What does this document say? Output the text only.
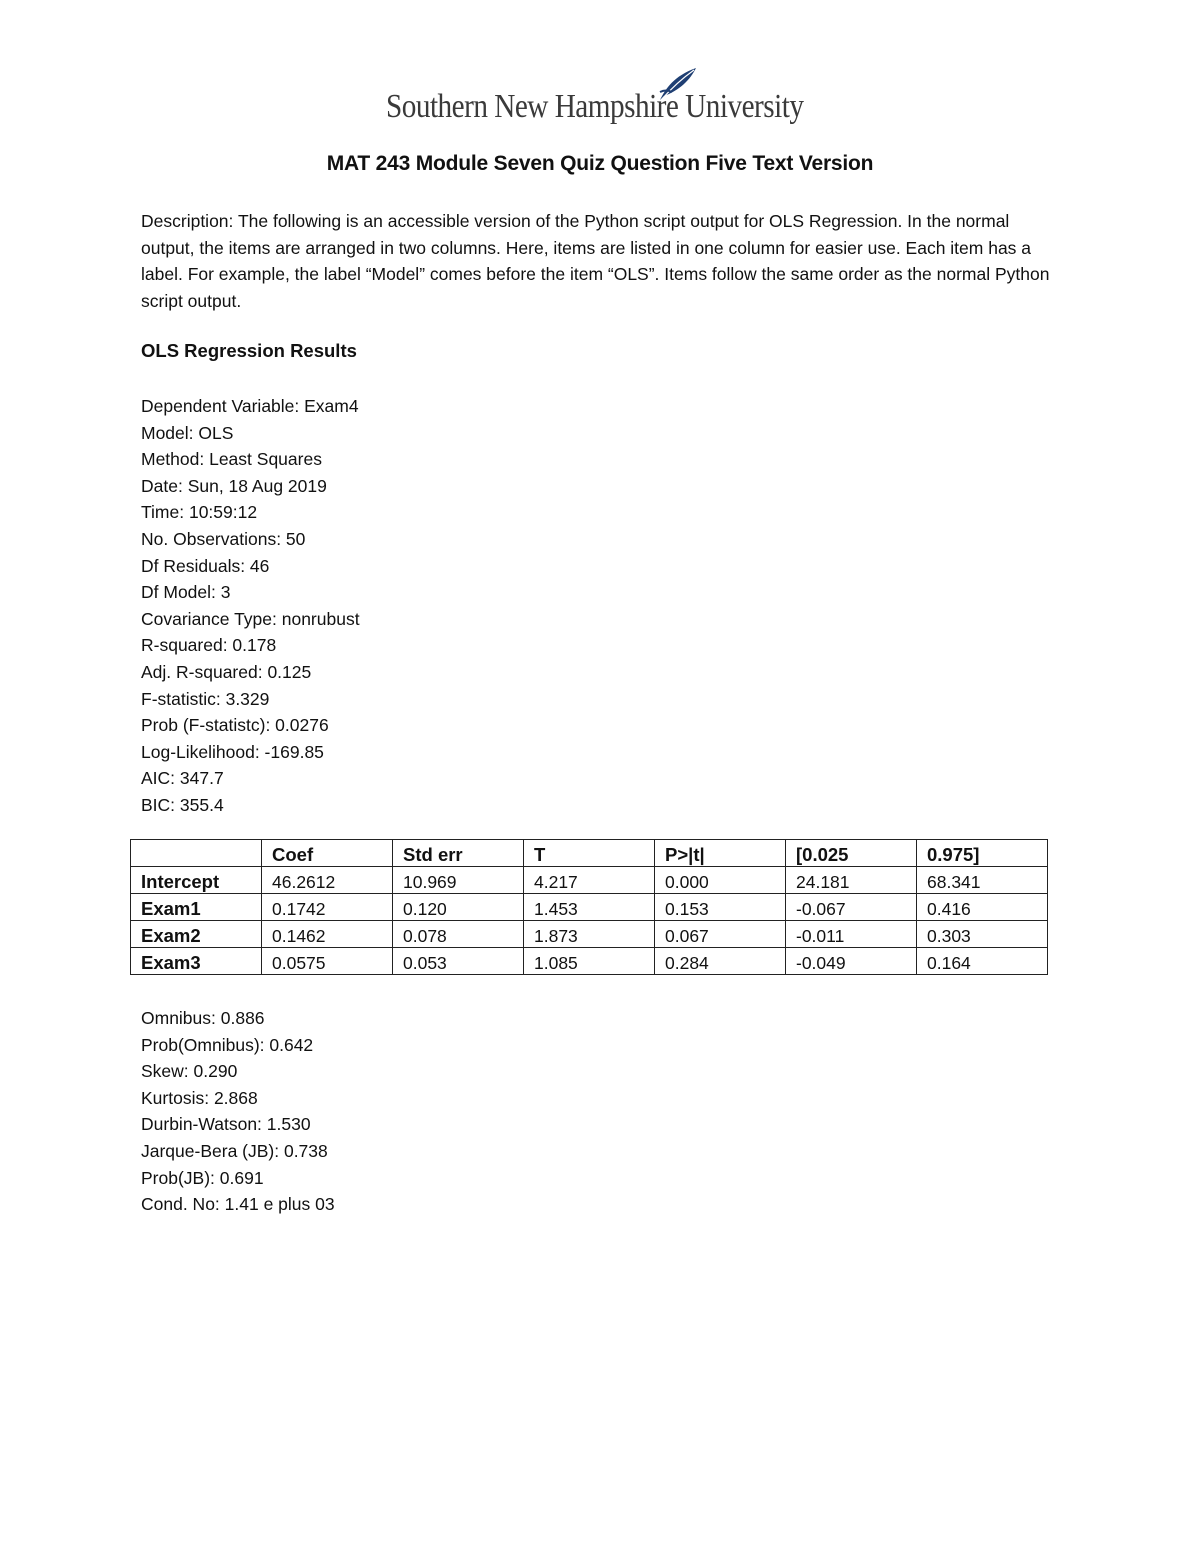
Southern New Hampshire University
MAT 243 Module Seven Quiz Question Five Text Version
Description: The following is an accessible version of the Python script output for OLS Regression. In the normal output, the items are arranged in two columns. Here, items are listed in one column for easier use. Each item has a label. For example, the label “Model” comes before the item “OLS”. Items follow the same order as the normal Python script output.
OLS Regression Results
Dependent Variable: Exam4
Model: OLS
Method: Least Squares
Date: Sun, 18 Aug 2019
Time: 10:59:12
No. Observations: 50
Df Residuals: 46
Df Model: 3
Covariance Type: nonrubust
R-squared: 0.178
Adj. R-squared: 0.125
F-statistic: 3.329
Prob (F-statistc): 0.0276
Log-Likelihood: -169.85
AIC: 347.7
BIC: 355.4
	Coef	Std err	T	P>|t|	[0.025	0.975]
Intercept	46.2612	10.969	4.217	0.000	24.181	68.341
Exam1	0.1742	0.120	1.453	0.153	-0.067	0.416
Exam2	0.1462	0.078	1.873	0.067	-0.011	0.303
Exam3	0.0575	0.053	1.085	0.284	-0.049	0.164
Omnibus: 0.886
Prob(Omnibus): 0.642
Skew: 0.290
Kurtosis: 2.868
Durbin-Watson: 1.530
Jarque-Bera (JB): 0.738
Prob(JB): 0.691
Cond. No: 1.41 e plus 03
